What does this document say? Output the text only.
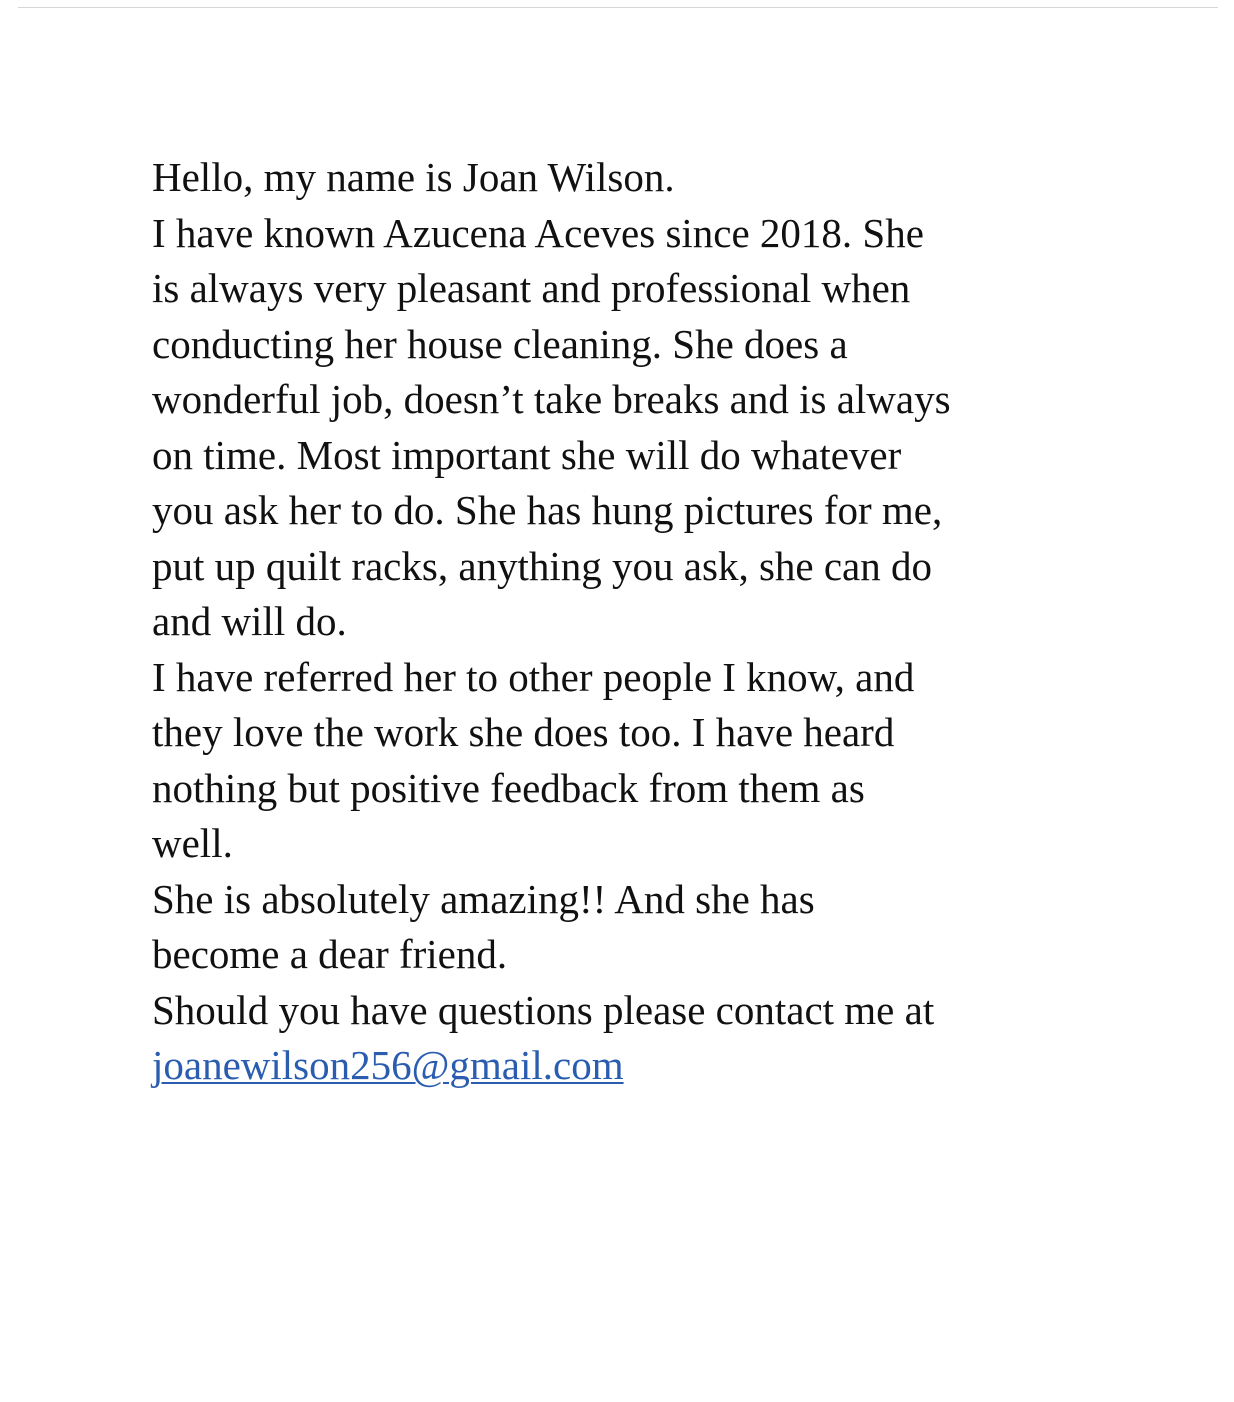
Hello, my name is Joan Wilson.
I have known Azucena Aceves since 2018. She
is always very pleasant and professional when
conducting her house cleaning. She does a
wonderful job, doesn’t take breaks and is always
on time. Most important she will do whatever
you ask her to do. She has hung pictures for me,
put up quilt racks, anything you ask, she can do
and will do.
I have referred her to other people I know, and
they love the work she does too. I have heard
nothing but positive feedback from them as
well.
She is absolutely amazing!! And she has
become a dear friend.
Should you have questions please contact me at
joanewilson256@gmail.com
